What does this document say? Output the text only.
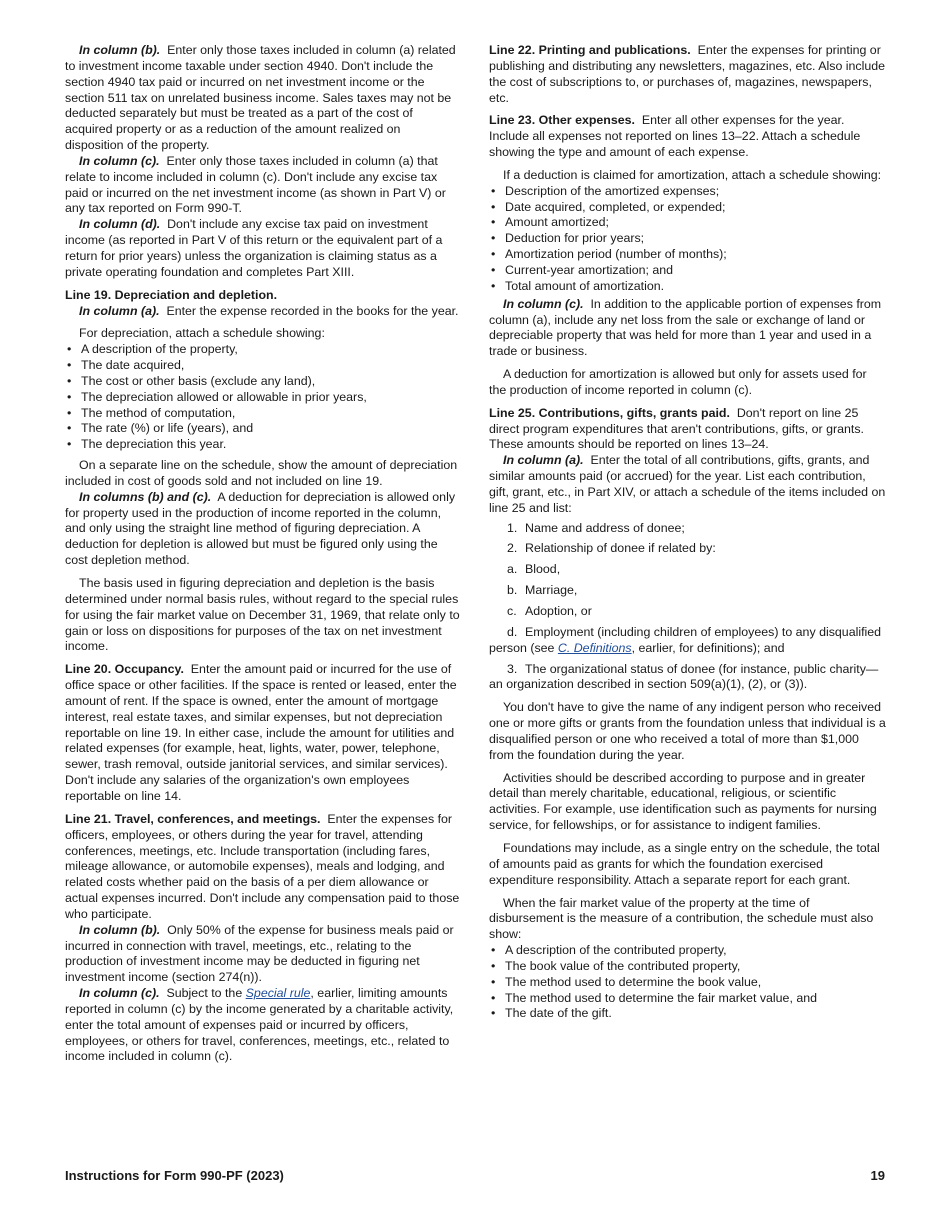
In column (b). Enter only those taxes included in column (a) related to investment income taxable under section 4940. Don't include the section 4940 tax paid or incurred on net investment income or the section 511 tax on unrelated business income. Sales taxes may not be deducted separately but must be treated as a part of the cost of acquired property or as a reduction of the amount realized on disposition of the property.

In column (c). Enter only those taxes included in column (a) that relate to income included in column (c). Don't include any excise tax paid or incurred on the net investment income (as shown in Part V) or any tax reported on Form 990-T.

In column (d). Don't include any excise tax paid on investment income (as reported in Part V of this return or the equivalent part of a return for prior years) unless the organization is claiming status as a private operating foundation and completes Part XIII.

Line 19. Depreciation and depletion.

In column (a). Enter the expense recorded in the books for the year.

For depreciation, attach a schedule showing:

• A description of the property,
• The date acquired,
• The cost or other basis (exclude any land),
• The depreciation allowed or allowable in prior years,
• The method of computation,
• The rate (%) or life (years), and
• The depreciation this year.

On a separate line on the schedule, show the amount of depreciation included in cost of goods sold and not included on line 19.

In columns (b) and (c). A deduction for depreciation is allowed only for property used in the production of income reported in the column, and only using the straight line method of figuring depreciation. A deduction for depletion is allowed but must be figured only using the cost depletion method.

The basis used in figuring depreciation and depletion is the basis determined under normal basis rules, without regard to the special rules for using the fair market value on December 31, 1969, that relate only to gain or loss on dispositions for purposes of the tax on net investment income.

Line 20. Occupancy. Enter the amount paid or incurred for the use of office space or other facilities. If the space is rented or leased, enter the amount of rent. If the space is owned, enter the amount of mortgage interest, real estate taxes, and similar expenses, but not depreciation reportable on line 19. In either case, include the amount for utilities and related expenses (for example, heat, lights, water, power, telephone, sewer, trash removal, outside janitorial services, and similar services). Don't include any salaries of the organization's own employees reportable on line 14.

Line 21. Travel, conferences, and meetings. Enter the expenses for officers, employees, or others during the year for travel, attending conferences, meetings, etc. Include transportation (including fares, mileage allowance, or automobile expenses), meals and lodging, and related costs whether paid on the basis of a per diem allowance or actual expenses incurred. Don't include any compensation paid to those who participate.

In column (b). Only 50% of the expense for business meals paid or incurred in connection with travel, meetings, etc., relating to the production of investment income may be deducted in figuring net investment income (section 274(n)).

In column (c). Subject to the Special rule, earlier, limiting amounts reported in column (c) by the income generated by a charitable activity, enter the total amount of expenses paid or incurred by officers, employees, or others for travel, conferences, meetings, etc., related to income included in column (c).

Line 22. Printing and publications. Enter the expenses for printing or publishing and distributing any newsletters, magazines, etc. Also include the cost of subscriptions to, or purchases of, magazines, newspapers, etc.

Line 23. Other expenses. Enter all other expenses for the year. Include all expenses not reported on lines 13–22. Attach a schedule showing the type and amount of each expense.

If a deduction is claimed for amortization, attach a schedule showing:

• Description of the amortized expenses;
• Date acquired, completed, or expended;
• Amount amortized;
• Deduction for prior years;
• Amortization period (number of months);
• Current-year amortization; and
• Total amount of amortization.

In column (c). In addition to the applicable portion of expenses from column (a), include any net loss from the sale or exchange of land or depreciable property that was held for more than 1 year and used in a trade or business.

A deduction for amortization is allowed but only for assets used for the production of income reported in column (c).

Line 25. Contributions, gifts, grants paid. Don't report on line 25 direct program expenditures that aren't contributions, gifts, or grants. These amounts should be reported on lines 13–24.

In column (a). Enter the total of all contributions, gifts, grants, and similar amounts paid (or accrued) for the year. List each contribution, gift, grant, etc., in Part XIV, or attach a schedule of the items included on line 25 and list:

1. Name and address of donee;

2. Relationship of donee if related by:

a. Blood,

b. Marriage,

c. Adoption, or

d. Employment (including children of employees) to any disqualified person (see C. Definitions, earlier, for definitions); and

3. The organizational status of donee (for instance, public charity—an organization described in section 509(a)(1), (2), or (3)).

You don't have to give the name of any indigent person who received one or more gifts or grants from the foundation unless that individual is a disqualified person or one who received a total of more than $1,000 from the foundation during the year.

Activities should be described according to purpose and in greater detail than merely charitable, educational, religious, or scientific activities. For example, use identification such as payments for nursing service, for fellowships, or for assistance to indigent families.

Foundations may include, as a single entry on the schedule, the total of amounts paid as grants for which the foundation exercised expenditure responsibility. Attach a separate report for each grant.

When the fair market value of the property at the time of disbursement is the measure of a contribution, the schedule must also show:

• A description of the contributed property,
• The book value of the contributed property,
• The method used to determine the book value,
• The method used to determine the fair market value, and
• The date of the gift.
Instructions for Form 990-PF (2023)	19
